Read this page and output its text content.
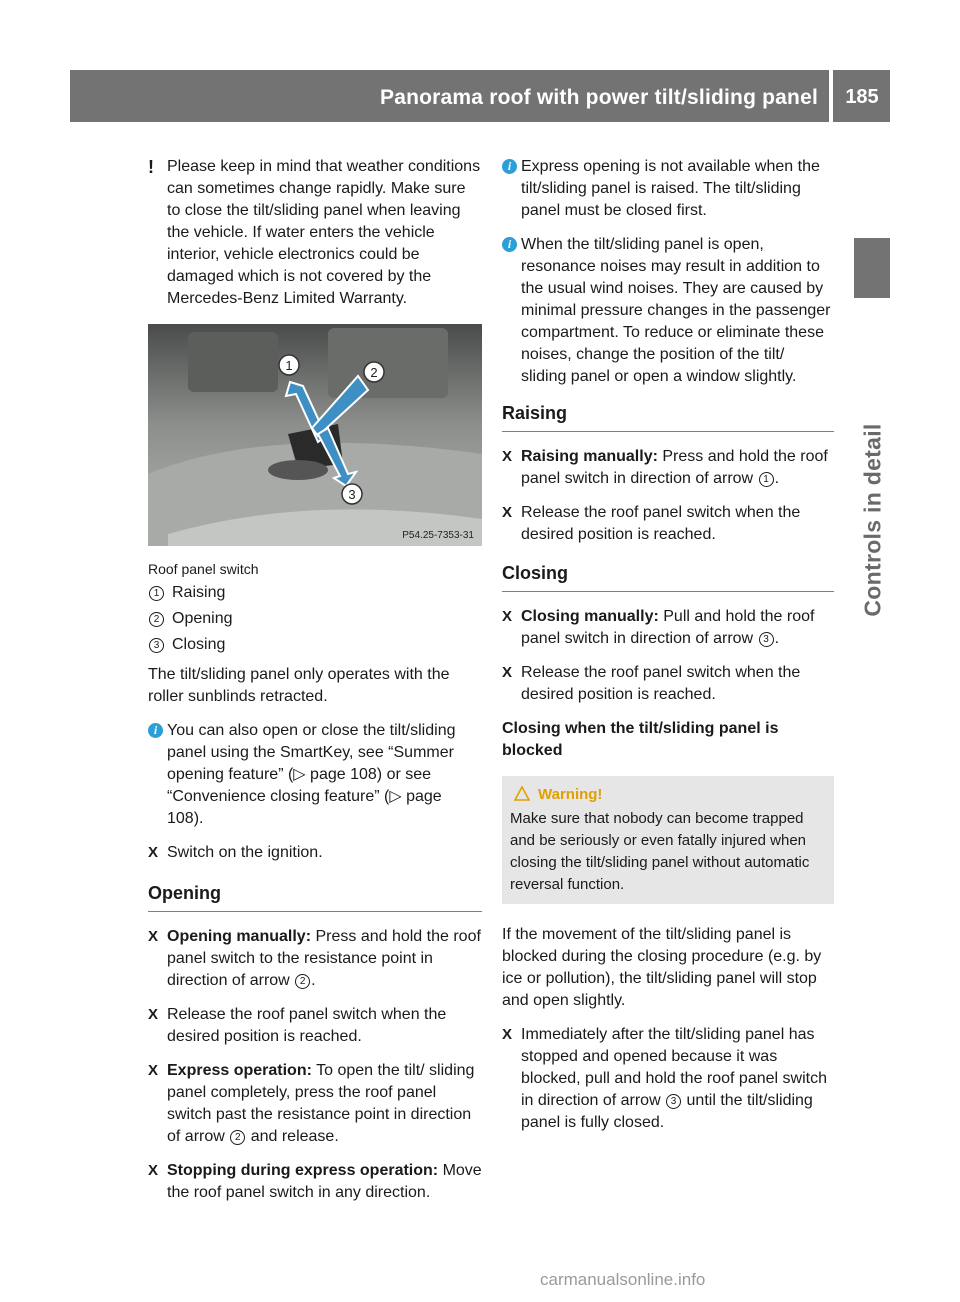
Panorama roof with power tilt/sliding panel	185
Controls in detail

! Please keep in mind that weather conditions can sometimes change rapidly. Make sure to close the tilt/sliding panel when leaving the vehicle. If water enters the vehicle interior, vehicle electronics could be damaged which is not covered by the Mercedes-Benz Limited Warranty.

1	2
3
P54.25-7353-31

Roof panel switch

1 Raising

2 Opening

3 Closing

The tilt/sliding panel only operates with the roller sunblinds retracted.

i You can also open or close the tilt/sliding panel using the SmartKey, see “Summer opening feature” (▷ page 108) or see “Convenience closing feature” (▷ page 108).

X Switch on the ignition.

Opening

X Opening manually: Press and hold the roof panel switch to the resistance point in direction of arrow 2 .

X Release the roof panel switch when the desired position is reached.

X Express operation: To open the tilt/ sliding panel completely, press the roof panel switch past the resistance point in direction of arrow 2 and release.

X Stopping during express operation: Move the roof panel switch in any direction.

i Express opening is not available when the tilt/sliding panel is raised. The tilt/sliding panel must be closed first.

i When the tilt/sliding panel is open, resonance noises may result in addition to the usual wind noises. They are caused by minimal pressure changes in the passenger compartment. To reduce or eliminate these noises, change the position of the tilt/ sliding panel or open a window slightly.

Raising

X Raising manually: Press and hold the roof panel switch in direction of arrow 1 .

X Release the roof panel switch when the desired position is reached.

Closing

X Closing manually: Pull and hold the roof panel switch in direction of arrow 3 .

X Release the roof panel switch when the desired position is reached.

Closing when the tilt/sliding panel is blocked

Warning!

Make sure that nobody can become trapped and be seriously or even fatally injured when closing the tilt/sliding panel without automatic reversal function.

If the movement of the tilt/sliding panel is blocked during the closing procedure (e.g. by ice or pollution), the tilt/sliding panel will stop and open slightly.

X Immediately after the tilt/sliding panel has stopped and opened because it was blocked, pull and hold the roof panel switch in direction of arrow 3 until the tilt/sliding panel is fully closed.

carmanualsonline.info
